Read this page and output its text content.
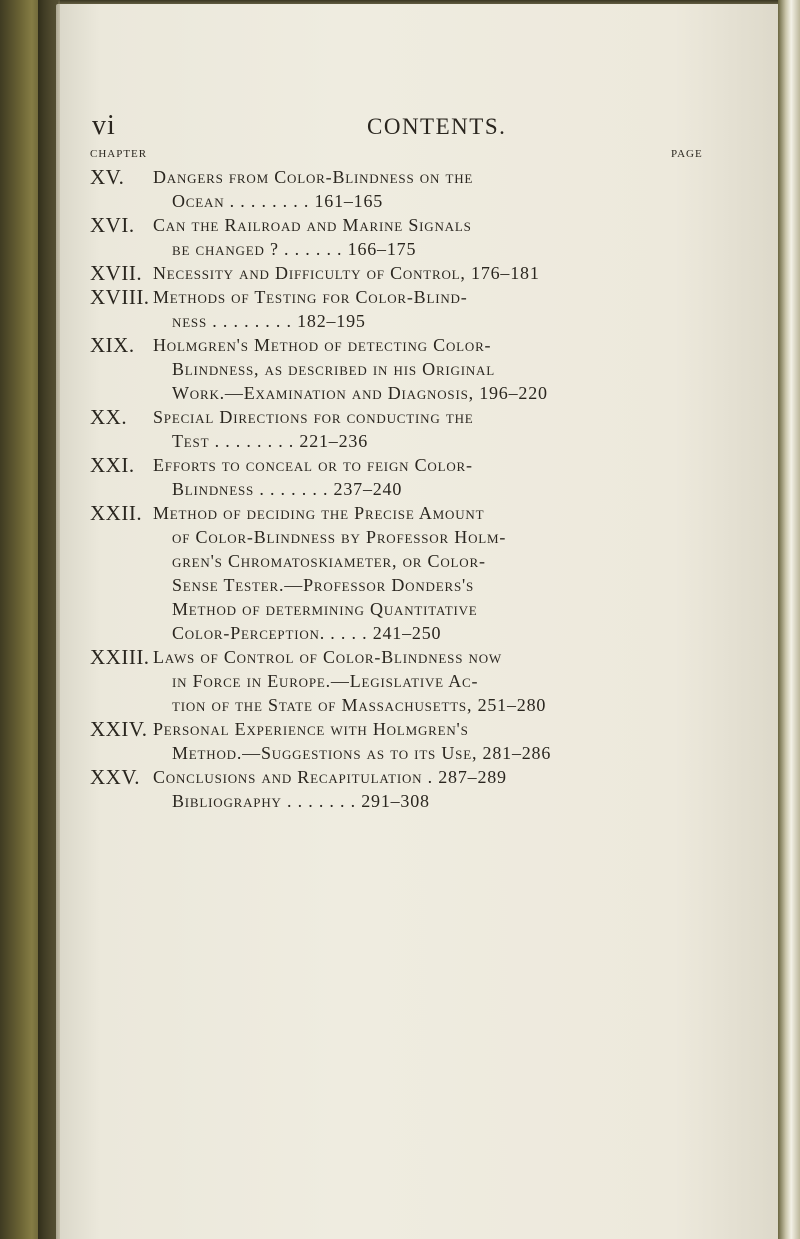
vi	CONTENTS.
CHAPTER	PAGE
XV. Dangers from Color-Blindness on the
Ocean . . . . . . . . 161–165
XVI. Can the Railroad and Marine Signals
be changed ? . . . . . . 166–175
XVII. Necessity and Difficulty of Control, 176–181
XVIII. Methods of Testing for Color-Blind-
ness . . . . . . . . 182–195
XIX. Holmgren's Method of detecting Color-
Blindness, as described in his Original
Work.—Examination and Diagnosis, 196–220
XX. Special Directions for conducting the
Test . . . . . . . . 221–236
XXI. Efforts to conceal or to feign Color-
Blindness . . . . . . . 237–240
XXII. Method of deciding the Precise Amount
of Color-Blindness by Professor Holm-
gren's Chromatoskiameter, or Color-
Sense Tester.—Professor Donders's
Method of determining Quantitative
Color-Perception. . . . . 241–250
XXIII. Laws of Control of Color-Blindness now
in Force in Europe.—Legislative Ac-
tion of the State of Massachusetts, 251–280
XXIV. Personal Experience with Holmgren's
Method.—Suggestions as to its Use, 281–286
XXV. Conclusions and Recapitulation . 287–289
Bibliography . . . . . . . 291–308
